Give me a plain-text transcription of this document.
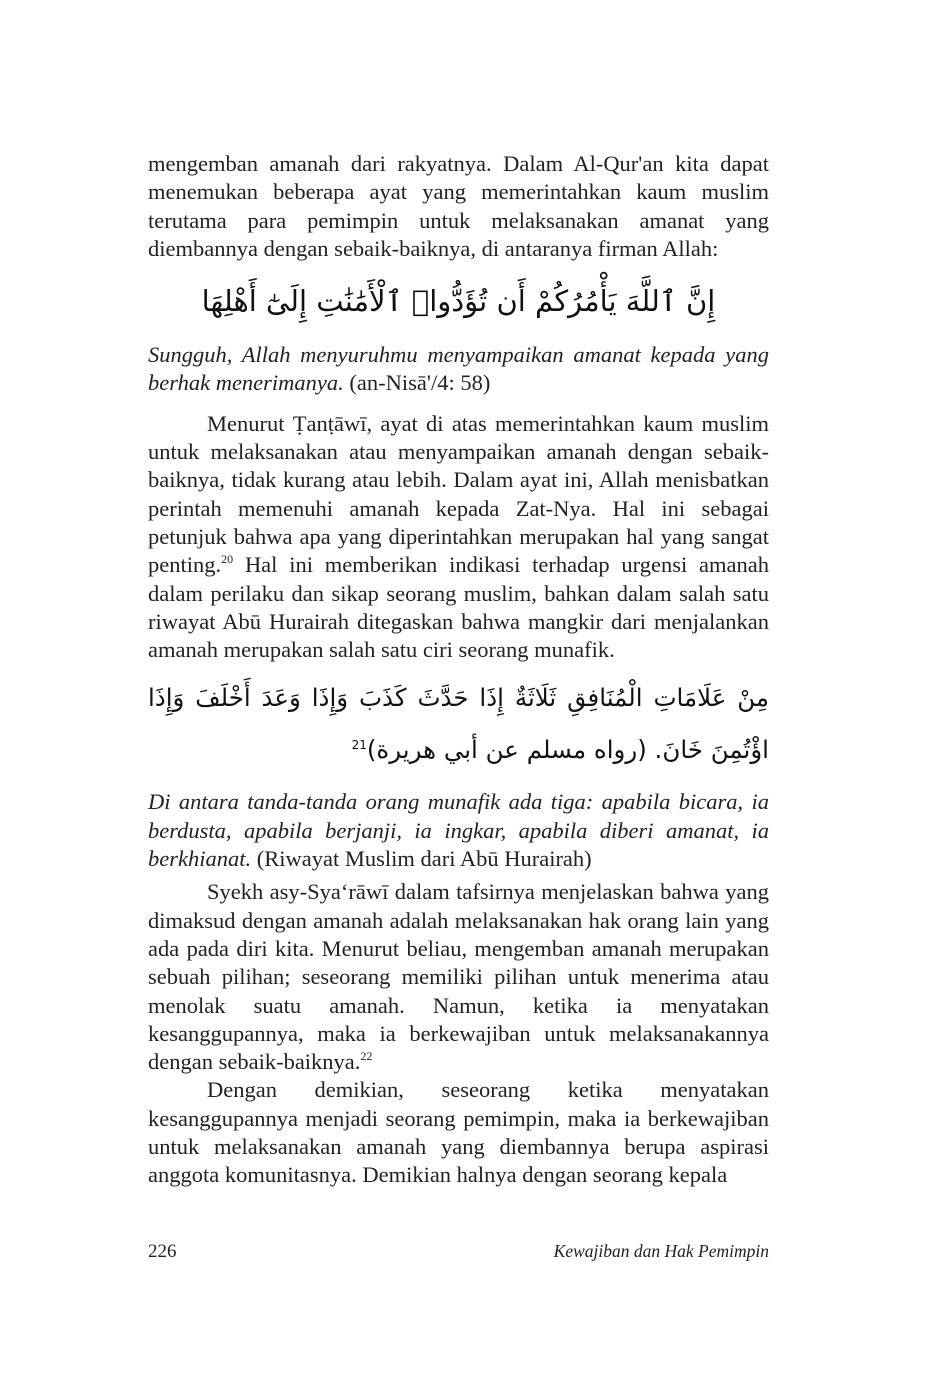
mengemban amanah dari rakyatnya. Dalam Al-Qur'an kita dapat menemukan beberapa ayat yang memerintahkan kaum muslim terutama para pemimpin untuk melaksanakan amanat yang diembannya dengan sebaik-baiknya, di antaranya firman Allah:

إِنَّ ٱللَّهَ يَأْمُرُكُمْ أَن تُؤَدُّوا۟ ٱلْأَمَٰنَٰتِ إِلَىٰٓ أَهْلِهَا

Sungguh, Allah menyuruhmu menyampaikan amanat kepada yang berhak menerimanya. (an-Nisā'/4: 58)

Menurut Ṭanṭāwī, ayat di atas memerintahkan kaum muslim untuk melaksanakan atau menyampaikan amanah dengan sebaik-baiknya, tidak kurang atau lebih. Dalam ayat ini, Allah menisbatkan perintah memenuhi amanah kepada Zat-Nya. Hal ini sebagai petunjuk bahwa apa yang diperintahkan merupakan hal yang sangat penting.$^{20}$ Hal ini memberikan indikasi terhadap urgensi amanah dalam perilaku dan sikap seorang muslim, bahkan dalam salah satu riwayat Abū Hurairah ditegaskan bahwa mangkir dari menjalankan amanah merupakan salah satu ciri seorang munafik.

مِنْ عَلَامَاتِ الْمُنَافِقِ ثَلَاثَةٌ إِذَا حَدَّثَ كَذَبَ وَإِذَا وَعَدَ أَخْلَفَ وَإِذَا اؤْتُمِنَ خَانَ. (رواه مسلم عن أبي هريرة)$^{21}$

Di antara tanda-tanda orang munafik ada tiga: apabila bicara, ia berdusta, apabila berjanji, ia ingkar, apabila diberi amanat, ia berkhianat. (Riwayat Muslim dari Abū Hurairah)

Syekh asy-Sya‘rāwī dalam tafsirnya menjelaskan bahwa yang dimaksud dengan amanah adalah melaksanakan hak orang lain yang ada pada diri kita. Menurut beliau, mengemban amanah merupakan sebuah pilihan; seseorang memiliki pilihan untuk menerima atau menolak suatu amanah. Namun, ketika ia menyatakan kesanggupannya, maka ia berkewajiban untuk melaksanakannya dengan sebaik-baiknya.$^{22}$

Dengan demikian, seseorang ketika menyatakan kesanggupannya menjadi seorang pemimpin, maka ia berkewajiban untuk melaksanakan amanah yang diembannya berupa aspirasi anggota komunitasnya. Demikian halnya dengan seorang kepala

226	Kewajiban dan Hak Pemimpin
